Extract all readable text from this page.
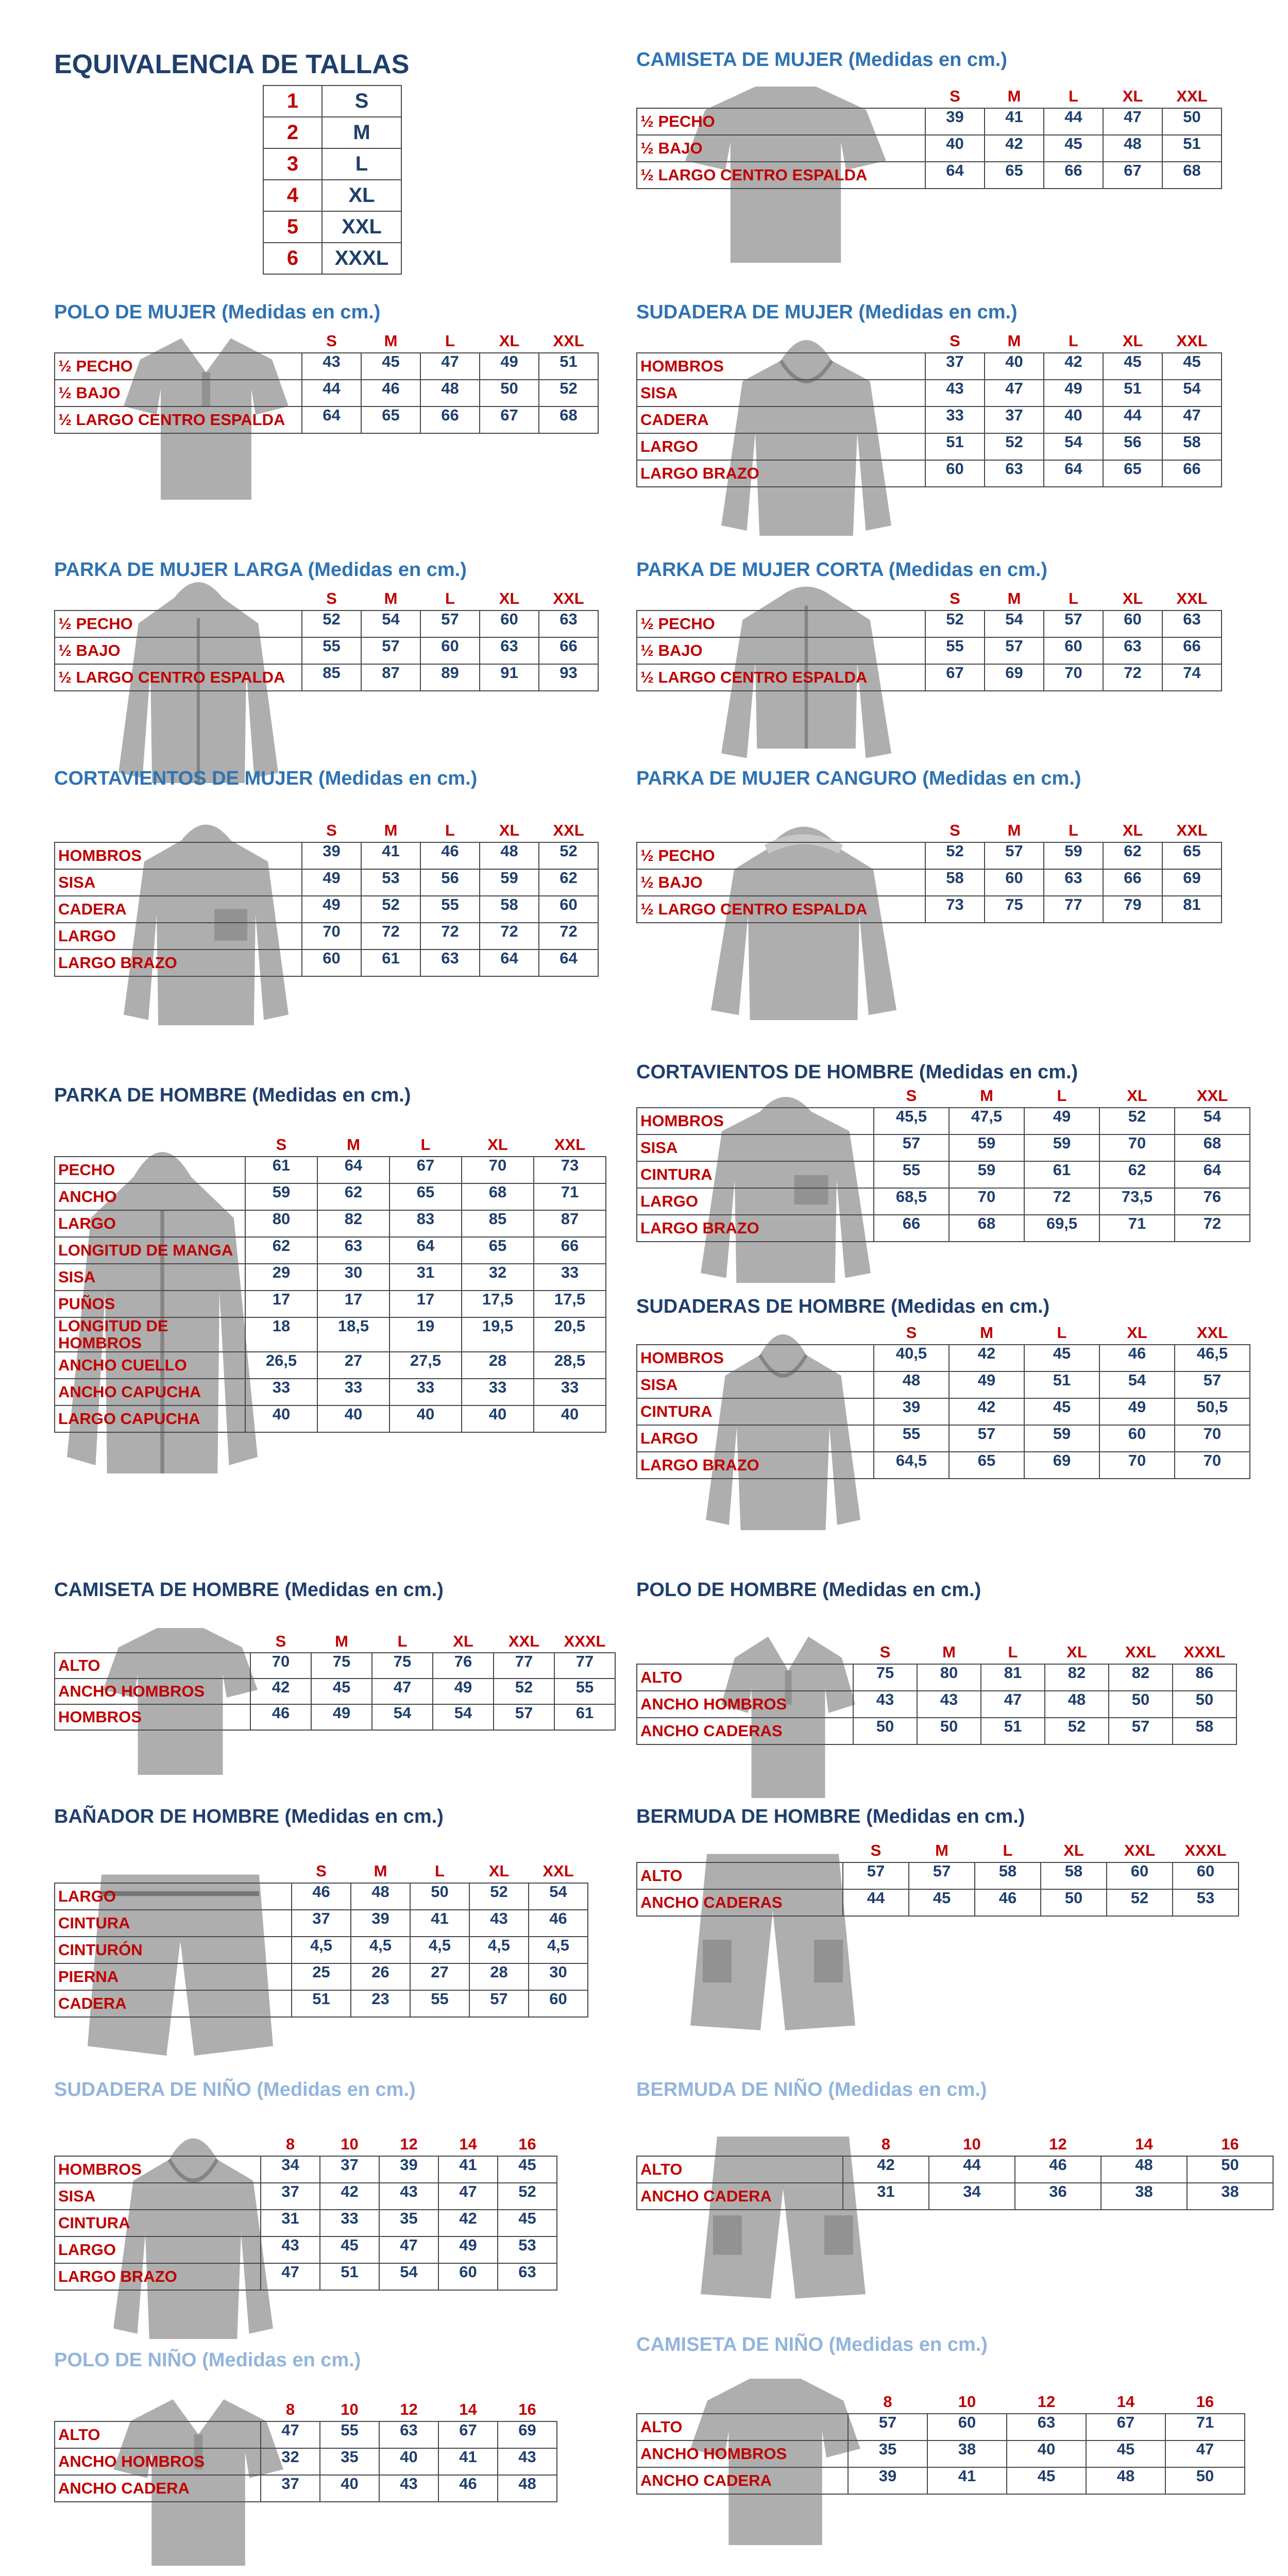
EQUIVALENCIA DE TALLAS
1	S
2	M
3	L
4	XL
5	XXL
6	XXXL
CAMISETA DE MUJER (Medidas en cm.)
	S	M	L	XL	XXL
½ PECHO	39	41	44	47	50
½ BAJO	40	42	45	48	51
½ LARGO CENTRO ESPALDA	64	65	66	67	68
POLO DE MUJER (Medidas en cm.)
	S	M	L	XL	XXL
½ PECHO	43	45	47	49	51
½ BAJO	44	46	48	50	52
½ LARGO CENTRO ESPALDA	64	65	66	67	68
SUDADERA DE MUJER (Medidas en cm.)
	S	M	L	XL	XXL
HOMBROS	37	40	42	45	45
SISA	43	47	49	51	54
CADERA	33	37	40	44	47
LARGO	51	52	54	56	58
LARGO BRAZO	60	63	64	65	66
PARKA DE MUJER LARGA (Medidas en cm.)
	S	M	L	XL	XXL
½ PECHO	52	54	57	60	63
½ BAJO	55	57	60	63	66
½ LARGO CENTRO ESPALDA	85	87	89	91	93
PARKA DE MUJER CORTA (Medidas en cm.)
	S	M	L	XL	XXL
½ PECHO	52	54	57	60	63
½ BAJO	55	57	60	63	66
½ LARGO CENTRO ESPALDA	67	69	70	72	74
CORTAVIENTOS DE MUJER (Medidas en cm.)
	S	M	L	XL	XXL
HOMBROS	39	41	46	48	52
SISA	49	53	56	59	62
CADERA	49	52	55	58	60
LARGO	70	72	72	72	72
LARGO BRAZO	60	61	63	64	64
PARKA DE MUJER CANGURO (Medidas en cm.)
	S	M	L	XL	XXL
½ PECHO	52	57	59	62	65
½ BAJO	58	60	63	66	69
½ LARGO CENTRO ESPALDA	73	75	77	79	81
PARKA DE HOMBRE (Medidas en cm.)
	S	M	L	XL	XXL
PECHO	61	64	67	70	73
ANCHO	59	62	65	68	71
LARGO	80	82	83	85	87
LONGITUD DE MANGA	62	63	64	65	66
SISA	29	30	31	32	33
PUÑOS	17	17	17	17,5	17,5
LONGITUD DE HOMBROS	18	18,5	19	19,5	20,5
ANCHO CUELLO	26,5	27	27,5	28	28,5
ANCHO CAPUCHA	33	33	33	33	33
LARGO CAPUCHA	40	40	40	40	40
CORTAVIENTOS DE HOMBRE (Medidas en cm.)
	S	M	L	XL	XXL
HOMBROS	45,5	47,5	49	52	54
SISA	57	59	59	70	68
CINTURA	55	59	61	62	64
LARGO	68,5	70	72	73,5	76
LARGO BRAZO	66	68	69,5	71	72
SUDADERAS DE HOMBRE (Medidas en cm.)
	S	M	L	XL	XXL
HOMBROS	40,5	42	45	46	46,5
SISA	48	49	51	54	57
CINTURA	39	42	45	49	50,5
LARGO	55	57	59	60	70
LARGO BRAZO	64,5	65	69	70	70
CAMISETA DE HOMBRE (Medidas en cm.)
	S	M	L	XL	XXL	XXXL
ALTO	70	75	75	76	77	77
ANCHO HOMBROS	42	45	47	49	52	55
HOMBROS	46	49	54	54	57	61
POLO DE HOMBRE (Medidas en cm.)
	S	M	L	XL	XXL	XXXL
ALTO	75	80	81	82	82	86
ANCHO HOMBROS	43	43	47	48	50	50
ANCHO CADERAS	50	50	51	52	57	58
BAÑADOR DE HOMBRE (Medidas en cm.)
	S	M	L	XL	XXL
LARGO	46	48	50	52	54
CINTURA	37	39	41	43	46
CINTURÓN	4,5	4,5	4,5	4,5	4,5
PIERNA	25	26	27	28	30
CADERA	51	23	55	57	60
BERMUDA DE HOMBRE (Medidas en cm.)
	S	M	L	XL	XXL	XXXL
ALTO	57	57	58	58	60	60
ANCHO CADERAS	44	45	46	50	52	53
SUDADERA DE NIÑO (Medidas en cm.)
	8	10	12	14	16
HOMBROS	34	37	39	41	45
SISA	37	42	43	47	52
CINTURA	31	33	35	42	45
LARGO	43	45	47	49	53
LARGO BRAZO	47	51	54	60	63
BERMUDA DE NIÑO (Medidas en cm.)
	8	10	12	14	16
ALTO	42	44	46	48	50
ANCHO CADERA	31	34	36	38	38
POLO DE NIÑO (Medidas en cm.)
	8	10	12	14	16
ALTO	47	55	63	67	69
ANCHO HOMBROS	32	35	40	41	43
ANCHO CADERA	37	40	43	46	48
CAMISETA DE NIÑO (Medidas en cm.)
	8	10	12	14	16
ALTO	57	60	63	67	71
ANCHO HOMBROS	35	38	40	45	47
ANCHO CADERA	39	41	45	48	50
